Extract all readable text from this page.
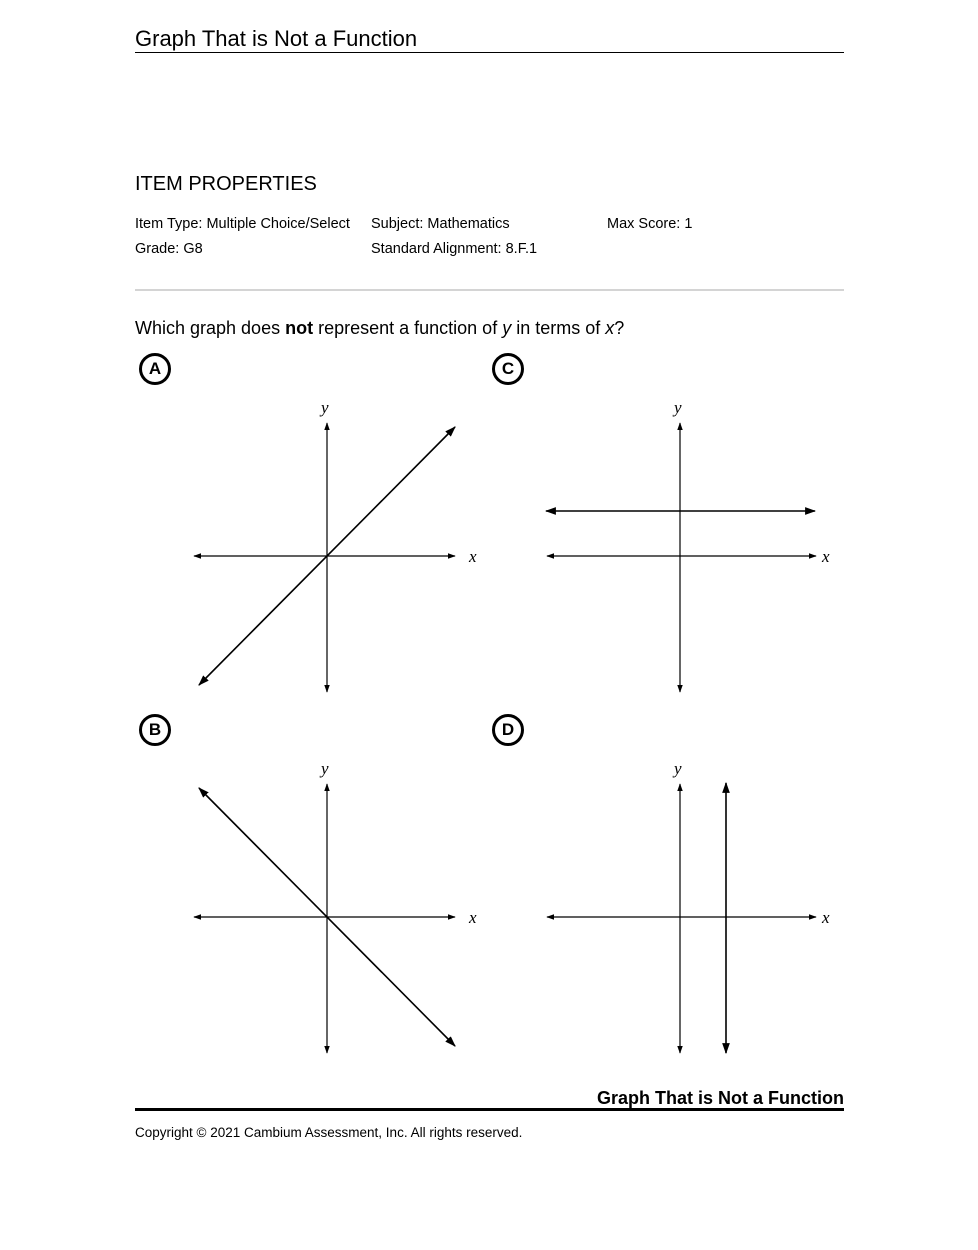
Graph That is Not a Function
ITEM PROPERTIES
Item Type: Multiple Choice/Select Subject: Mathematics	Max Score: 1
Grade: G8	Standard Alignment: 8.F.1
Which graph does not represent a function of y in terms of x?
A
B
C
D
x
y
x
y
x
y
x
y
Graph That is Not a Function
Copyright © 2021 Cambium Assessment, Inc. All rights reserved.
